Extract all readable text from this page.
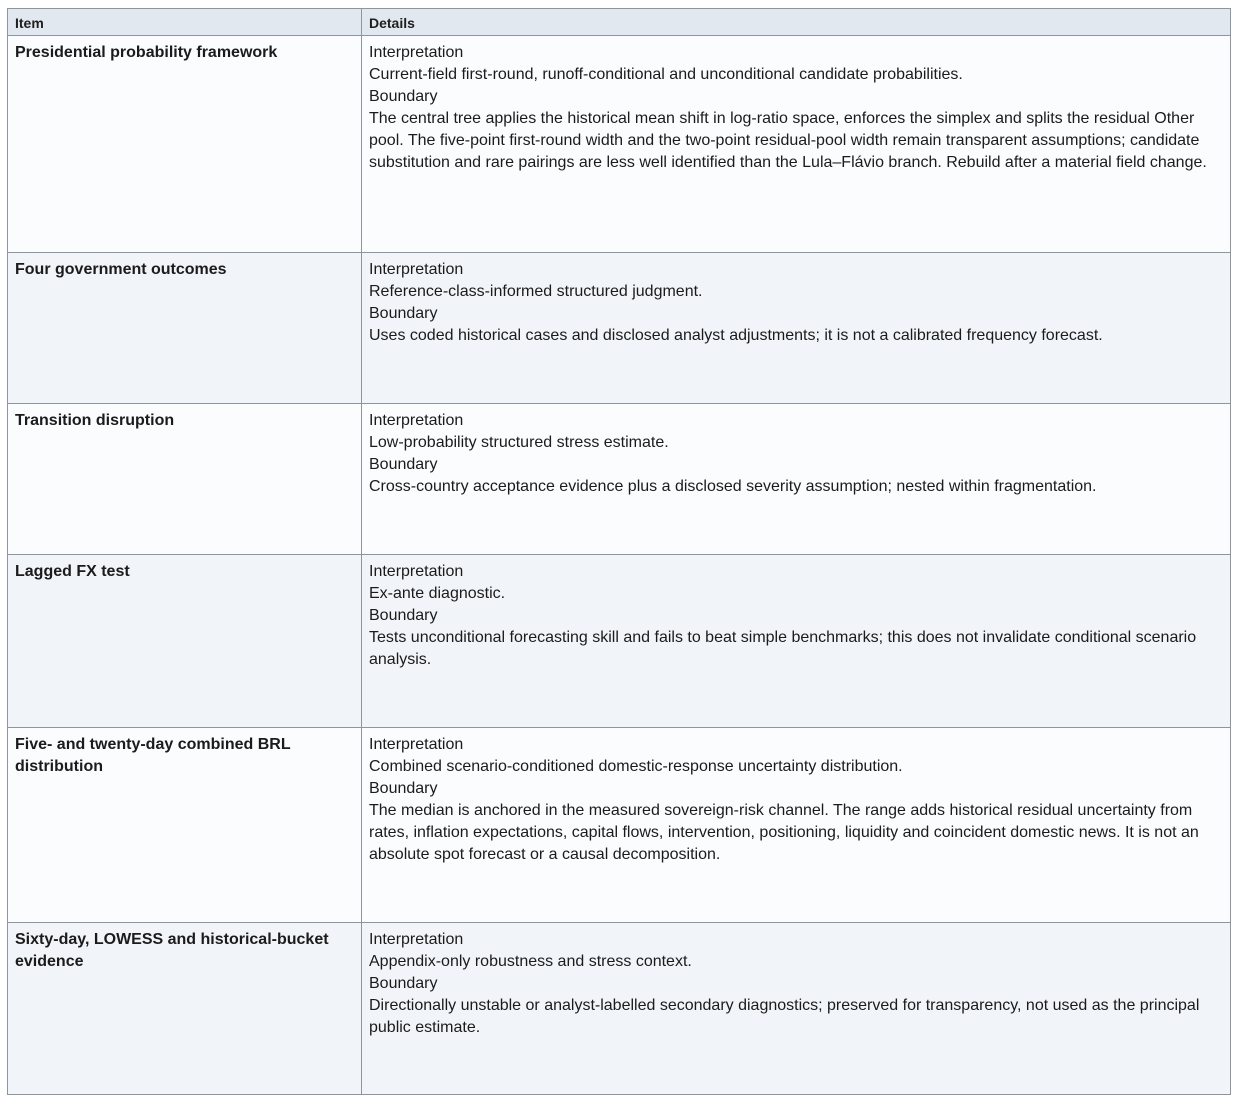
Item	Details
Presidential probability framework	Interpretation
Current-field first-round, runoff-conditional and unconditional candidate probabilities.
Boundary
The central tree applies the historical mean shift in log-ratio space, enforces the simplex and splits the residual Other pool. The five-point first-round width and the two-point residual-pool width remain transparent assumptions; candidate substitution and rare pairings are less well identified than the Lula–Flávio branch. Rebuild after a material field change.

Four government outcomes	Interpretation
Reference-class-informed structured judgment.
Boundary
Uses coded historical cases and disclosed analyst adjustments; it is not a calibrated frequency forecast.

Transition disruption	Interpretation
Low-probability structured stress estimate.
Boundary
Cross-country acceptance evidence plus a disclosed severity assumption; nested within fragmentation.

Lagged FX test	Interpretation
Ex-ante diagnostic.
Boundary
Tests unconditional forecasting skill and fails to beat simple benchmarks; this does not invalidate conditional scenario analysis.

Five- and twenty-day combined BRL distribution	Interpretation
Combined scenario-conditioned domestic-response uncertainty distribution.
Boundary
The median is anchored in the measured sovereign-risk channel. The range adds historical residual uncertainty from rates, inflation expectations, capital flows, intervention, positioning, liquidity and coincident domestic news. It is not an absolute spot forecast or a causal decomposition.

Sixty-day, LOWESS and historical-bucket evidence	Interpretation
Appendix-only robustness and stress context.
Boundary
Directionally unstable or analyst-labelled secondary diagnostics; preserved for transparency, not used as the principal public estimate.
